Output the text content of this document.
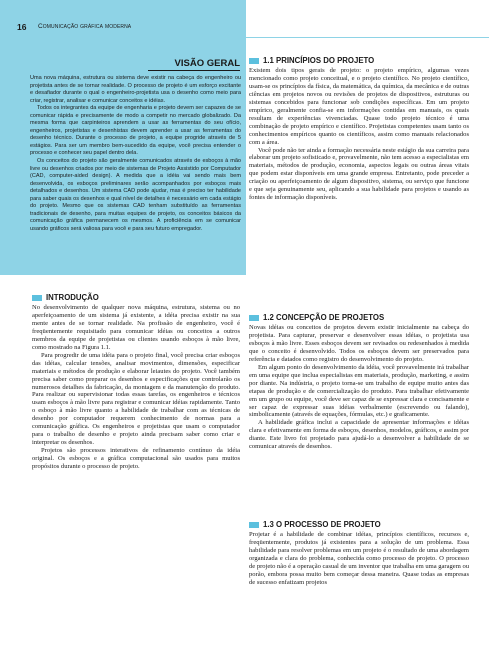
16 Comunicação gráfica moderna
VISÃO GERAL

Uma nova máquina, estrutura ou sistema deve existir na cabeça do engenheiro ou projetista antes de se tornar realidade. O processo de projeto é um esforço excitante e desafiador durante o qual o engenheiro-projetista usa o desenho como meio para criar, registrar, analisar e comunicar conceitos e idéias.

Todos os integrantes da equipe de engenharia e projeto devem ser capazes de se comunicar rápida e precisamente de modo a competir no mercado globalizado. Da mesma forma que carpinteiros aprendem a usar as ferramentas do seu ofício, engenheiros, projetistas e desenhistas devem aprender a usar as ferramentas do desenho técnico. Durante o processo de projeto, a equipe progride através de 5 estágios. Para ser um membro bem-sucedido da equipe, você precisa entender o processo e conhecer seu papel dentro dela.

Os conceitos do projeto são geralmente comunicados através de esboços à mão livre ou desenhos criados por meio de sistemas de Projeto Assistido por Computador (CAD, computer-aided design). A medida que a idéia vai sendo mais bem desenvolvida, os esboços preliminares serão acompanhados por esboços mais detalhados e desenhos. Um sistema CAD pode ajudar, mas é preciso ter habilidade para saber quais os desenhos e qual nível de detalhes é necessário em cada estágio do projeto. Mesmo que os sistemas CAD tenham substituído as ferramentas tradicionais de desenho, para muitas equipes de projeto, os conceitos básicos da comunicação gráfica permanecem os mesmos. A proficiência em se comunicar usando gráficos será valiosa para você e para seu futuro empregador.

INTRODUÇÃO

No desenvolvimento de qualquer nova máquina, estrutura, sistema ou no aperfeiçoamento de um sistema já existente, a idéia precisa existir na sua mente antes de se tornar realidade. Na profissão de engenheiro, você é freqüentemente requisitado para comunicar idéias ou conceitos a outros membros da equipe de projetistas ou clientes usando esboços à mão livre, como mostrado na Figura 1.1.

Para progredir de uma idéia para o projeto final, você precisa criar esboços das idéias, calcular tensões, analisar movimentos, dimensões, especificar materiais e métodos de produção e elaborar leiautes do projeto. Você também precisa saber como preparar os desenhos e especificações que controlarão os numerosos detalhes da fabricação, da montagem e da manutenção do produto. Para realizar ou supervisionar todas essas tarefas, os engenheiros e técnicos usam esboços à mão livre para registrar e comunicar idéias rapidamente. Tanto o esboço à mão livre quanto a habilidade de trabalhar com as técnicas de desenho por computador requerem conhecimento de normas para a comunicação gráfica. Os engenheiros e projetistas que usam o computador para o trabalho de desenho e projeto ainda precisam saber como criar e interpretar os desenhos.

Projetos são processos interativos de refinamento contínuo da idéia original. Os esboços e a gráfica computacional são usados para muitos propósitos durante o processo de projeto.

1.1 PRINCÍPIOS DO PROJETO

Existem dois tipos gerais de projeto: o projeto empírico, algumas vezes mencionado como projeto conceitual, e o projeto científico. No projeto científico, usam-se os princípios da física, da matemática, da química, da mecânica e de outras ciências em projetos novos ou revisões de projetos de dispositivos, estruturas ou sistemas concebidos para funcionar sob condições específicas. Em um projeto empírico, geralmente confia-se em informações contidas em manuais, os quais resultam de experiências vivenciadas. Quase todo projeto técnico é uma combinação de projeto empírico e científico. Projetistas competentes usam tanto os conhecimentos empíricos quanto os científicos, assim como manuais relacionados com a área.

Você pode não ter ainda a formação necessária neste estágio da sua carreira para elaborar um projeto sofisticado e, provavelmente, não tem acesso a especialistas em materiais, métodos de produção, economia, aspectos legais ou outras áreas vitais que podem estar disponíveis em uma grande empresa. Entretanto, pode preceder a criação ou aperfeiçoamento de algum dispositivo, sistema, ou serviço que funcione e que seja genuinamente seu, aplicando a sua habilidade para projetos e usando as fontes de informação disponíveis.

1.2 CONCEPÇÃO DE PROJETOS

Novas idéias ou conceitos de projetos devem existir inicialmente na cabeça do projetista. Para capturar, preservar e desenvolver essas idéias, o projetista usa esboços à mão livre. Esses esboços devem ser revisados ou redesenhados à medida que o conceito é desenvolvido. Todos os esboços devem ser preservados para referência e datados como registro do desenvolvimento do projeto.

Em algum ponto do desenvolvimento da idéia, você provavelmente irá trabalhar em uma equipe que inclua especialistas em materiais, produção, marketing, e assim por diante. Na indústria, o projeto torna-se um trabalho de equipe muito antes das etapas de produção e de comercialização do produto. Para trabalhar efetivamente em um grupo ou equipe, você deve ser capaz de se expressar clara e concisamente e ser capaz de expressar suas idéias verbalmente (escrevendo ou falando), simbolicamente (através de equações, fórmulas, etc.) e graficamente.

A habilidade gráfica inclui a capacidade de apresentar informações e idéias clara e efetivamente em forma de esboços, desenhos, modelos, gráficos, e assim por diante. Este livro foi projetado para ajudá-lo a desenvolver a habilidade de se comunicar através de desenhos.

1.3 O PROCESSO DE PROJETO

Projetar é a habilidade de combinar idéias, princípios científicos, recursos e, freqüentemente, produtos já existentes para a solução de um problema. Essa habilidade para resolver problemas em um projeto é o resultado de uma abordagem organizada e clara do problema, conhecida como processo de projeto. O processo de projeto não é a operação casual de um inventor que trabalha em uma garagem ou porão, embora possa muito bem começar dessa maneira. Quase todas as empresas de sucesso enfatizam projetos
